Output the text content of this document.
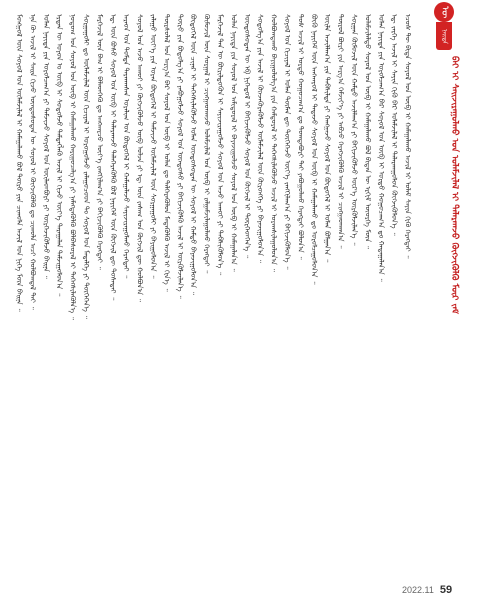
ᠮᠣᠩᠭᠣᠯ ᠦᠨ ᠰᠣᠶᠣᠯ ᠤᠨ ᠦᠯᠡᠮᠵᠢᠯᠡᠯ ᠢ ᠬᠠᠮᠠᠭᠠᠯᠠᠬᠤ ᠪᠣᠯ ᠲᠥᠷᠦ ᠶᠢᠨ ᠴᠢᠬᠤᠯᠠ ᠠᠵᠢᠯ ᠤᠨ ᠨᠢᠭᠡ ᠮᠥᠨ ᠪᠠᠢᠨᠠ ᠃ ᠡᠨᠡ ᠬᠦ ᠠᠵᠢᠯ ᠢ ᠰᠠᠢᠨ ᠬᠢᠵᠦ ᠦᠨᠳᠦᠰᠦᠲᠡᠨ ᠦ ᠰᠣᠶᠣᠯ ᠢ ᠬᠥᠭᠵᠢᠭᠦᠯᠬᠦ ᠳᠤ ᠴᠢᠬᠤᠯᠠ ᠠᠴᠢ ᠬᠣᠯᠪᠣᠭᠳᠠᠯ ᠲᠠᠢ ᠃ ᠣᠯᠠᠨ ᠨᠡᠶᠢᠲᠡ ᠶᠢᠨ ᠣᠷᠤᠯᠴᠠᠭ᠎ᠠ ᠶᠢ ᠳᠡᠮᠵᠢᠵᠦ ᠰᠣᠶᠣᠯ ᠤᠨ ᠦᠢᠯᠡᠳᠪᠦᠷᠢ ᠶᠢ ᠥᠷᠭᠡᠵᠢᠭᠦᠯᠵᠦ ᠪᠠᠢᠨᠠ ᠃ ᠡᠷᠲᠡᠨ ᠦ ᠣᠶᠤᠨ ᠤ ᠥᠪ ᠢ ᠰᠤᠳᠤᠯᠵᠤ ᠲᠡᠮᠳᠡᠭᠯᠡᠬᠦ ᠠᠵᠢᠯ ᠢ ᠬᠢᠵᠦ ᠦᠶ᠎ᠡ ᠳᠠᠷᠠᠭᠠᠯᠠᠨ ᠳᠠᠮᠵᠢᠭᠤᠯᠤᠨ᠎ᠠ ᠃ ᠨᠤᠲᠤᠭ ᠤᠨ ᠰᠣᠶᠣᠯ ᠤᠨ ᠥᠪ ᠢ ᠬᠠᠮᠠᠭᠠᠯᠠᠬᠤ ᠬᠠᠷᠢᠭᠤᠴᠠᠯᠭ᠎ᠠ ᠶᠢ ᠨᠡᠮᠡᠭᠳᠡᠭᠦᠯᠬᠦ ᠪᠣᠯᠪᠠᠰᠤᠷᠠᠯ ᠢ ᠳᠡᠭᠡᠭᠰᠢᠯᠡᠭᠦᠯᠨ᠎ᠡ ᠃ ᠰᠤᠷᠭᠠᠭᠤᠯᠢ ᠳᠤ ᠦᠯᠡᠮᠵᠢᠯᠡᠯ ᠦᠨ ᠬᠢᠴᠢᠶᠡᠯ ᠢ ᠣᠷᠤᠭᠤᠯᠵᠤ ᠵᠠᠯᠠᠭᠤᠴᠤᠳ ᠲᠤ ᠰᠣᠶᠣᠯ ᠤᠨ ᠮᠡᠳᠡᠯᠭᠡ ᠶᠢ ᠲᠦᠭᠡᠭᠡᠨ᠎ᠡ ᠃ ᠮᠡᠷᠭᠡᠵᠢᠯ ᠦᠨ ᠪᠠᠭ ᠢ ᠪᠡᠯᠡᠳᠬᠡᠬᠦ ᠳᠤ ᠠᠩᠬᠠᠷᠴᠤ ᠦᠶ᠎ᠡ ᠵᠠᠩᠭᠢᠯᠠᠭ᠎ᠠ ᠶᠢ ᠪᠡᠬᠢᠵᠢᠭᠦᠯᠬᠦ ᠬᠡᠷᠡᠭᠲᠡᠢ ᠃ ᠡᠳ᠋ ᠦᠨ ᠪᠤᠰᠤ ᠰᠣᠶᠣᠯ ᠤᠨ ᠥᠪ ᠢ ᠲᠠᠯᠠᠷᠬᠠᠵᠤ ᠳᠡᠯᠡᠭᠡᠷᠡᠭᠦᠯᠬᠦ ᠪᠣᠯ ᠨᠡᠶᠢᠭᠡᠮ ᠦᠨ ᠬᠥᠭᠵᠢᠯ ᠳᠦ ᠲᠤᠰᠠᠲᠠᠢ ᠃ ᠠᠷᠠᠳ ᠤᠨ ᠳᠤᠮᠳᠠ ᠲᠠᠷᠬᠠᠭᠰᠠᠨ ᠤᠷᠠᠯᠢᠭ ᠤᠨ ᠪᠦᠲᠦᠭᠡᠯ ᠢ ᠬᠠᠮᠠᠭᠠᠯᠠᠵᠤ ᠰᠠᠶᠢᠵᠢᠷᠠᠭᠤᠯᠬᠤ ᠬᠡᠷᠡᠭᠲᠡᠢ ᠃ ᠰᠣᠶᠣᠯ ᠤᠨ ᠠᠵᠤ ᠠᠬᠤᠢ ᠶᠢ ᠬᠥᠭᠵᠢᠭᠦᠯᠵᠦ ᠥᠪ ᠣᠯᠵᠠ ᠶᠢ ᠡᠳ᠋ ᠦᠨ ᠵᠠᠰᠠᠭ ᠤᠨ ᠬᠥᠭᠵᠢᠯ ᠳᠦ ᠬᠣᠯᠪᠣᠨ᠎ᠠ ᠃ ᠵᠠᠯᠠᠭᠤ ᠦᠶ᠎ᠡ ᠶᠢᠨ ᠤᠷᠠᠨ ᠪᠦᠲᠦᠭᠡᠯ ᠢ ᠳᠡᠮᠵᠢᠵᠦ ᠦᠯᠡᠮᠵᠢᠯᠡᠯ ᠦᠨ ᠰᠤᠷᠭᠠᠭᠤᠯᠢ ᠶᠢ ᠪᠠᠶᠢᠭᠤᠯᠤᠨ᠎ᠠ ᠃ ᠳᠦᠷᠰᠦᠯᠡᠯ ᠤᠨ ᠠᠷᠭ᠎ᠠ ᠪᠡᠷ ᠰᠣᠶᠣᠯ ᠤᠨ ᠥᠪ ᠢ ᠣᠯᠠᠨ ᠳᠤ ᠳᠡᠯᠭᠡᠷᠡᠭᠦᠯᠦᠨ ᠮᠡᠳᠡᠭᠦᠯᠬᠦ ᠠᠵᠢᠯ ᠢ ᠬᠢᠨ᠎ᠡ ᠃ ᠲᠥᠷᠦ ᠶᠢᠨ ᠪᠤᠳᠤᠯᠭ᠎ᠠ ᠶᠢ ᠶᠠᠪᠤᠭᠤᠯᠵᠤ ᠰᠣᠶᠣᠯ ᠤᠨ ᠦᠨᠳᠦᠰᠦ ᠶᠢ ᠪᠡᠬᠢᠵᠢᠭᠦᠯᠬᠦ ᠠᠵᠢᠯ ᠢ ᠦᠷᠭᠦᠯᠵᠢᠯᠡᠨ᠎ᠡ ᠃ ᠪᠦᠲᠦᠭᠡᠯ ᠦᠨ ᠴᠢᠨᠠᠷ ᠢ ᠳᠡᠭᠡᠭᠰᠢᠯᠡᠭᠦᠯᠵᠦ ᠣᠯᠠᠨ ᠦᠨᠳᠦᠰᠦᠲᠡᠨ ᠦ ᠰᠣᠶᠣᠯ ᠢ ᠬᠠᠮᠲᠤ ᠪᠠᠶᠠᠵᠢᠭᠤᠯᠤᠨ᠎ᠠ ᠃ ᠬᠦᠮᠦᠵᠢᠯ ᠦᠨ ᠰᠤᠷᠭᠠᠯ ᠢ ᠴᠢᠩᠭᠠᠳᠬᠠᠵᠤ ᠤᠯᠠᠮᠵᠢᠯᠠᠯ ᠤᠨ ᠥᠪ ᠢ ᠵᠠᠯᠭᠠᠮᠵᠢᠯᠠᠭᠤᠯᠬᠤ ᠬᠡᠷᠡᠭᠲᠡᠢ ᠃ ᠮᠡᠷᠭᠡᠵᠢᠯ ᠲᠡᠨ ᠦ ᠪᠦᠷᠢᠯᠳᠦᠭᠦᠨ ᠢ ᠰᠠᠶᠢᠵᠢᠷᠠᠭᠤᠯᠵᠤ ᠰᠣᠶᠣᠯ ᠤᠨ ᠠᠵᠤ ᠠᠬᠤᠢ ᠶᠢ ᠳᠡᠪᠰᠢᠭᠦᠯᠦᠨ᠎ᠡ ᠃ ᠣᠯᠠᠨ ᠨᠡᠶᠢᠲᠡ ᠶᠢᠨ ᠰᠣᠶᠣᠯ ᠤᠨ ᠠᠮᠢᠳᠤᠷᠠᠯ ᠢ ᠪᠠᠶᠠᠵᠢᠭᠤᠯᠵᠤ ᠰᠣᠶᠣᠯ ᠤᠨ ᠥᠪ ᠢ ᠬᠠᠮᠠᠭᠠᠯᠠᠨ᠎ᠠ ᠃ ᠦᠨᠳᠦᠰᠦᠲᠡᠨ ᠦ ᠡᠪ ᠨᠢᠭᠡᠳᠦᠯ ᠢ ᠪᠡᠬᠢᠵᠢᠭᠦᠯᠵᠦ ᠰᠣᠶᠣᠯ ᠤᠨ ᠬᠥᠭᠵᠢᠯ ᠢ ᠲᠦᠷᠭᠡᠳᠬᠡᠨ᠎ᠡ ᠃ ᠰᠤᠳᠤᠯᠭ᠎ᠠ ᠶᠢᠨ ᠠᠵᠢᠯ ᠢ ᠭᠦᠨᠵᠡᠭᠦᠷᠡᠭᠦᠯᠵᠦ ᠦᠯᠡᠮᠵᠢᠯᠡᠯ ᠦᠨ ᠬᠥᠷᠥᠩᠭᠡ ᠶᠢ ᠪᠠᠶᠠᠵᠢᠭᠤᠯᠤᠨ᠎ᠠ ᠃ ᠬᠣᠯᠪᠣᠭᠳᠠᠬᠤ ᠪᠠᠶᠢᠭᠤᠯᠤᠯᠭ᠎ᠠ ᠶᠢᠨ ᠬᠠᠮᠲᠤᠷᠠᠯ ᠢ ᠳᠡᠭᠡᠭᠰᠢᠯᠡᠭᠦᠯᠵᠦ ᠠᠵᠢᠯ ᠢ ᠤᠷᠠᠭᠰᠢᠯᠠᠭᠤᠯᠤᠨ᠎ᠠ ᠃ ᠰᠣᠶᠣᠯ ᠤᠨ ᠬᠢᠴᠢᠶᠡᠯ ᠢ ᠣᠯᠠᠨ ᠲᠦᠮᠡᠨ ᠳᠦ ᠲᠦᠭᠡᠭᠡᠵᠦ ᠦᠶ᠎ᠡ ᠵᠠᠩᠭᠢᠯᠠᠭ᠎ᠠ ᠶᠢ ᠪᠡᠬᠢᠵᠢᠭᠦᠯᠦᠨ᠎ᠡ ᠃ ᠲᠤᠰ ᠠᠵᠢᠯ ᠢ ᠤᠷᠲᠤ ᠬᠤᠭᠤᠴᠠᠭ᠎ᠠ ᠳᠤ ᠲᠣᠭᠲᠠᠪᠤᠷᠢ ᠲᠠᠢ ᠶᠠᠪᠤᠭᠤᠯᠬᠤ ᠬᠡᠷᠡᠭᠲᠡᠢ ᠪᠣᠯᠤᠨ᠎ᠠ ᠃ ᠪᠦᠬᠦ ᠨᠡᠶᠢᠭᠡᠮ ᠦᠨ ᠠᠩᠬᠠᠷᠤᠯ ᠢ ᠲᠠᠲᠠᠵᠤ ᠰᠣᠶᠣᠯ ᠤᠨ ᠥᠪ ᠢ ᠬᠠᠮᠠᠭᠠᠯᠠᠬᠤ ᠳᠤ ᠣᠷᠤᠯᠴᠠᠭᠤᠯᠤᠨ᠎ᠠ ᠃ ᠦᠢᠯᠡ ᠠᠵᠢᠯᠯᠠᠭ᠎ᠠ ᠶᠢᠨ ᠳᠡᠪᠰᠢᠯᠲᠡ ᠶᠢ ᠬᠠᠩᠭᠠᠵᠤ ᠰᠣᠶᠣᠯ ᠤᠨ ᠪᠦᠲᠦᠭᠡᠯ ᠢ ᠣᠯᠠᠨ ᠪᠣᠯᠭᠠᠨ᠎ᠠ ᠃ ᠲᠥᠷᠥᠯ ᠪᠦᠷᠢ ᠶᠢᠨ ᠠᠷᠭ᠎ᠠ ᠬᠡᠮᠵᠢᠶ᠎ᠡ ᠶᠢ ᠠᠪᠴᠤ ᠬᠡᠷᠡᠭᠵᠢᠭᠦᠯᠬᠦ ᠠᠵᠢᠯ ᠢ ᠴᠢᠩᠭᠠᠳᠬᠠᠨ᠎ᠠ ᠃ ᠰᠤᠷᠭᠠᠨ ᠬᠦᠮᠦᠵᠢᠯ ᠦᠨ ᠬᠠᠮᠲᠤ ᠠᠵᠢᠯᠯᠠᠭ᠎ᠠ ᠶᠢ ᠪᠡᠬᠢᠵᠢᠭᠦᠯᠵᠦ ᠦᠷ᠎ᠡ ᠦᠷᠭᠦᠯᠵᠢᠯᠡᠨ᠎ᠡ ᠃ ᠤᠯᠠᠮᠵᠢᠯᠠᠯᠲᠤ ᠰᠣᠶᠣᠯ ᠤᠨ ᠥᠪ ᠢ ᠬᠠᠮᠠᠭᠠᠯᠠᠬᠤ ᠪᠣᠯ ᠪᠢᠳᠡᠨ ᠦ ᠡᠷᠬᠢᠮ ᠦᠦᠷᠭᠡ ᠮᠥᠨ ᠃ ᠣᠯᠠᠨ ᠨᠡᠶᠢᠲᠡ ᠶᠢᠨ ᠣᠷᠤᠯᠴᠠᠭ᠎ᠠ ᠪᠡᠷ ᠰᠣᠶᠣᠯ ᠤᠨ ᠥᠪ ᠢ ᠤᠷᠲᠤ ᠬᠤᠭᠤᠴᠠᠭ᠎ᠠ ᠳᠤ ᠬᠠᠳᠠᠭᠠᠯᠠᠨ᠎ᠠ ᠃ ᠡᠳ᠋ ᠵᠡᠷᠭᠡ ᠠᠵᠢᠯ ᠢ ᠰᠠᠶᠢᠨ ᠬᠢᠬᠦ ᠪᠡᠷ ᠤᠯᠠᠮᠵᠢᠯᠠᠯ ᠢ ᠲᠠᠯᠠᠷᠬᠠᠭᠤᠯᠤᠨ ᠬᠥᠭᠵᠢᠭᠦᠯᠦᠨ᠎ᠡ ᠃ ᠡᠴᠦᠰ ᠲᠦ ᠪᠢᠳᠡ ᠰᠣᠶᠣᠯ ᠤᠨ ᠥᠪ ᠢ ᠬᠠᠮᠠᠭᠠᠯᠠᠬᠤ ᠠᠵᠢᠯ ᠢ ᠤᠯᠠᠮ ᠰᠠᠶᠢᠨ ᠬᠢᠬᠦ ᠬᠡᠷᠡᠭᠲᠡᠢ ᠃
ᠦ
ᠨᠡᠢᠲᠡ
ᠪᠠᠢ ᠢ ᠰᠠᠢᠵᠢᠷᠠᠭᠤᠯᠬᠤ ᠤᠨ ᠤᠯᠠᠮᠵᠢᠯᠠᠯ ᠢ ᠲᠠᠯᠠᠷᠬᠠᠵᠤ ᠬᠥᠭᠵᠢᠭᠦᠯᠬᠦ ᠮᠥᠷ ᠵᠠᠮ
2022.11 59
